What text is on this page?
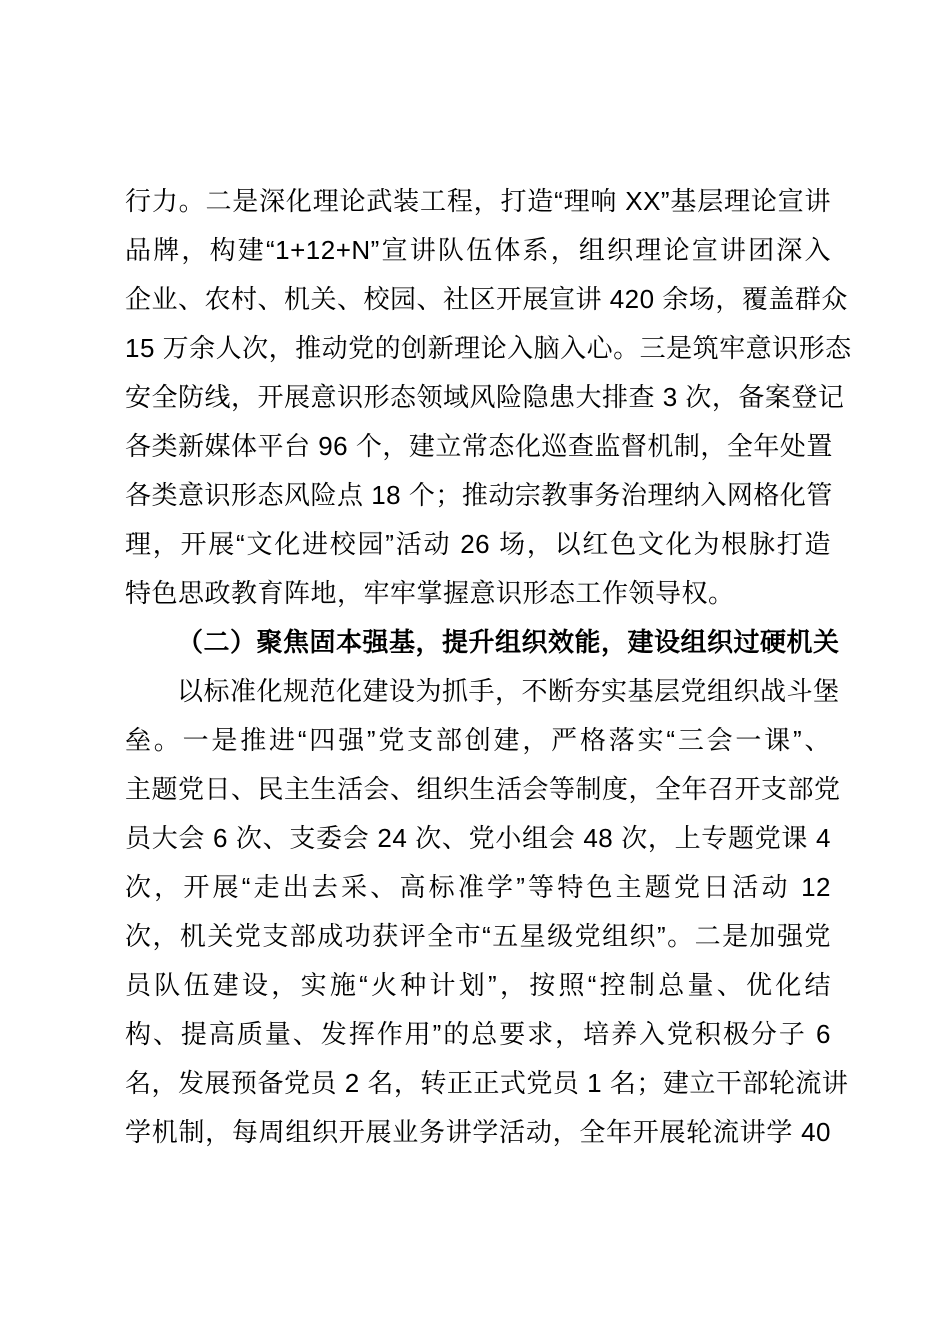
行力。二是深化理论武装工程，打造“理响 XX”基层理论宣讲
品牌，构建“1+12+N”宣讲队伍体系，组织理论宣讲团深入
企业、农村、机关、校园、社区开展宣讲 420 余场，覆盖群众
15 万余人次，推动党的创新理论入脑入心。三是筑牢意识形态
安全防线，开展意识形态领域风险隐患大排查 3 次，备案登记
各类新媒体平台 96 个，建立常态化巡查监督机制，全年处置
各类意识形态风险点 18 个；推动宗教事务治理纳入网格化管
理，开展“文化进校园”活动 26 场，以红色文化为根脉打造
特色思政教育阵地，牢牢掌握意识形态工作领导权。
（二）聚焦固本强基，提升组织效能，建设组织过硬机关
以标准化规范化建设为抓手，不断夯实基层党组织战斗堡
垒。一是推进“四强”党支部创建，严格落实“三会一课”、
主题党日、民主生活会、组织生活会等制度，全年召开支部党
员大会 6 次、支委会 24 次、党小组会 48 次，上专题党课 4
次，开展“走出去采、高标准学”等特色主题党日活动 12
次，机关党支部成功获评全市“五星级党组织”。二是加强党
员队伍建设，实施“火种计划”，按照“控制总量、优化结
构、提高质量、发挥作用”的总要求，培养入党积极分子 6
名，发展预备党员 2 名，转正正式党员 1 名；建立干部轮流讲
学机制，每周组织开展业务讲学活动，全年开展轮流讲学 40
